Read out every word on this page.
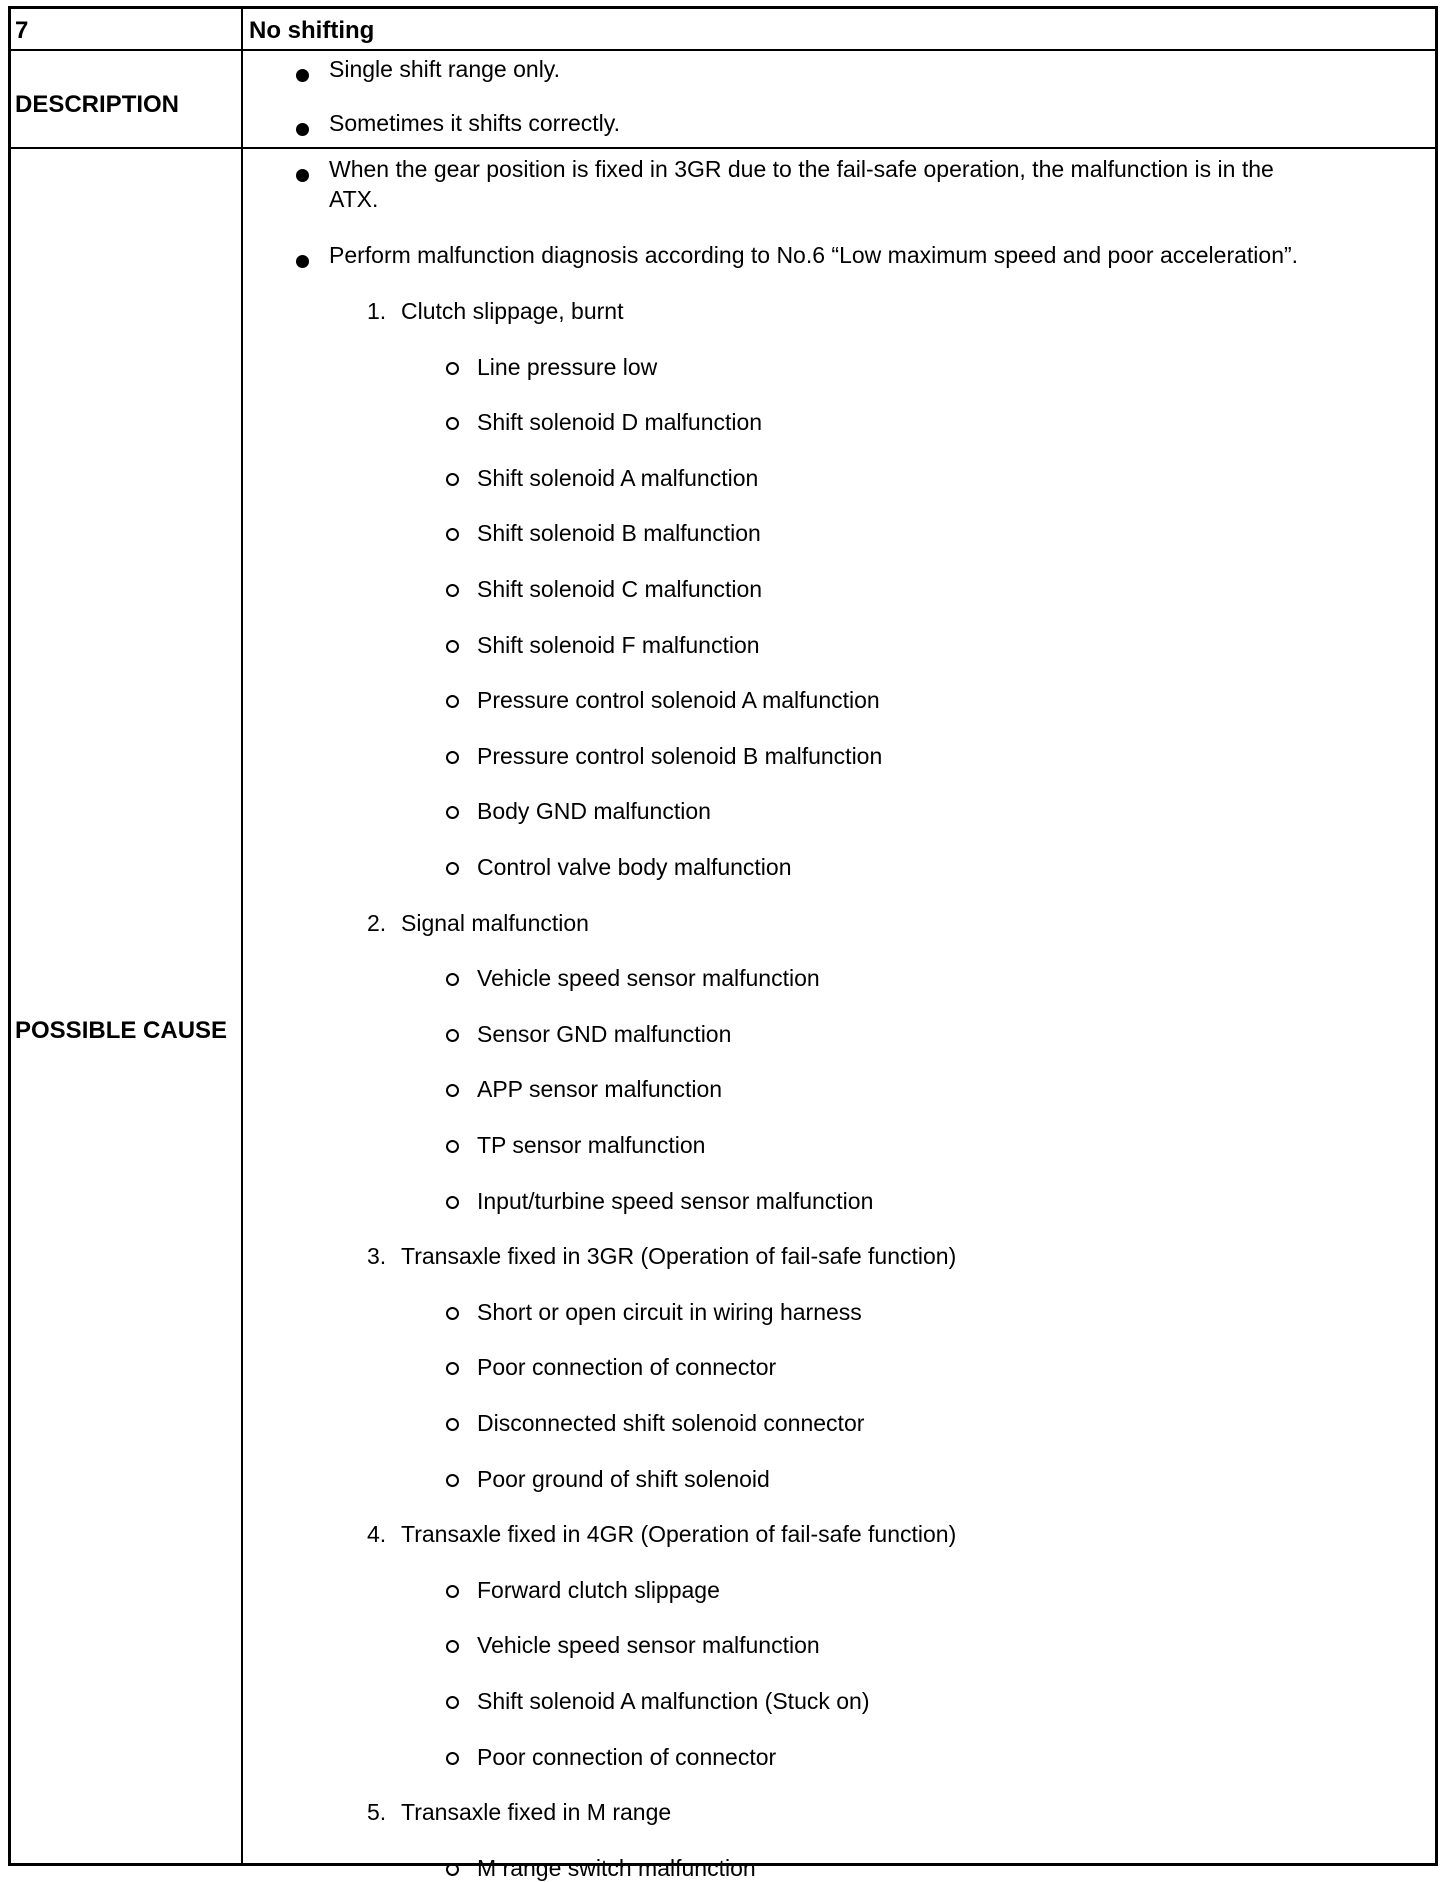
7	No shifting
DESCRIPTION
POSSIBLE CAUSE
Single shift range only.
Sometimes it shifts correctly.
When the gear position is fixed in 3GR due to the fail-safe operation, the malfunction is in the
ATX.
Perform malfunction diagnosis according to No.6 “Low maximum speed and poor acceleration”.
1. Clutch slippage, burnt
Line pressure low
Shift solenoid D malfunction
Shift solenoid A malfunction
Shift solenoid B malfunction
Shift solenoid C malfunction
Shift solenoid F malfunction
Pressure control solenoid A malfunction
Pressure control solenoid B malfunction
Body GND malfunction
Control valve body malfunction
2. Signal malfunction
Vehicle speed sensor malfunction
Sensor GND malfunction
APP sensor malfunction
TP sensor malfunction
Input/turbine speed sensor malfunction
3. Transaxle fixed in 3GR (Operation of fail-safe function)
Short or open circuit in wiring harness
Poor connection of connector
Disconnected shift solenoid connector
Poor ground of shift solenoid
4. Transaxle fixed in 4GR (Operation of fail-safe function)
Forward clutch slippage
Vehicle speed sensor malfunction
Shift solenoid A malfunction (Stuck on)
Poor connection of connector
5. Transaxle fixed in M range
M range switch malfunction
